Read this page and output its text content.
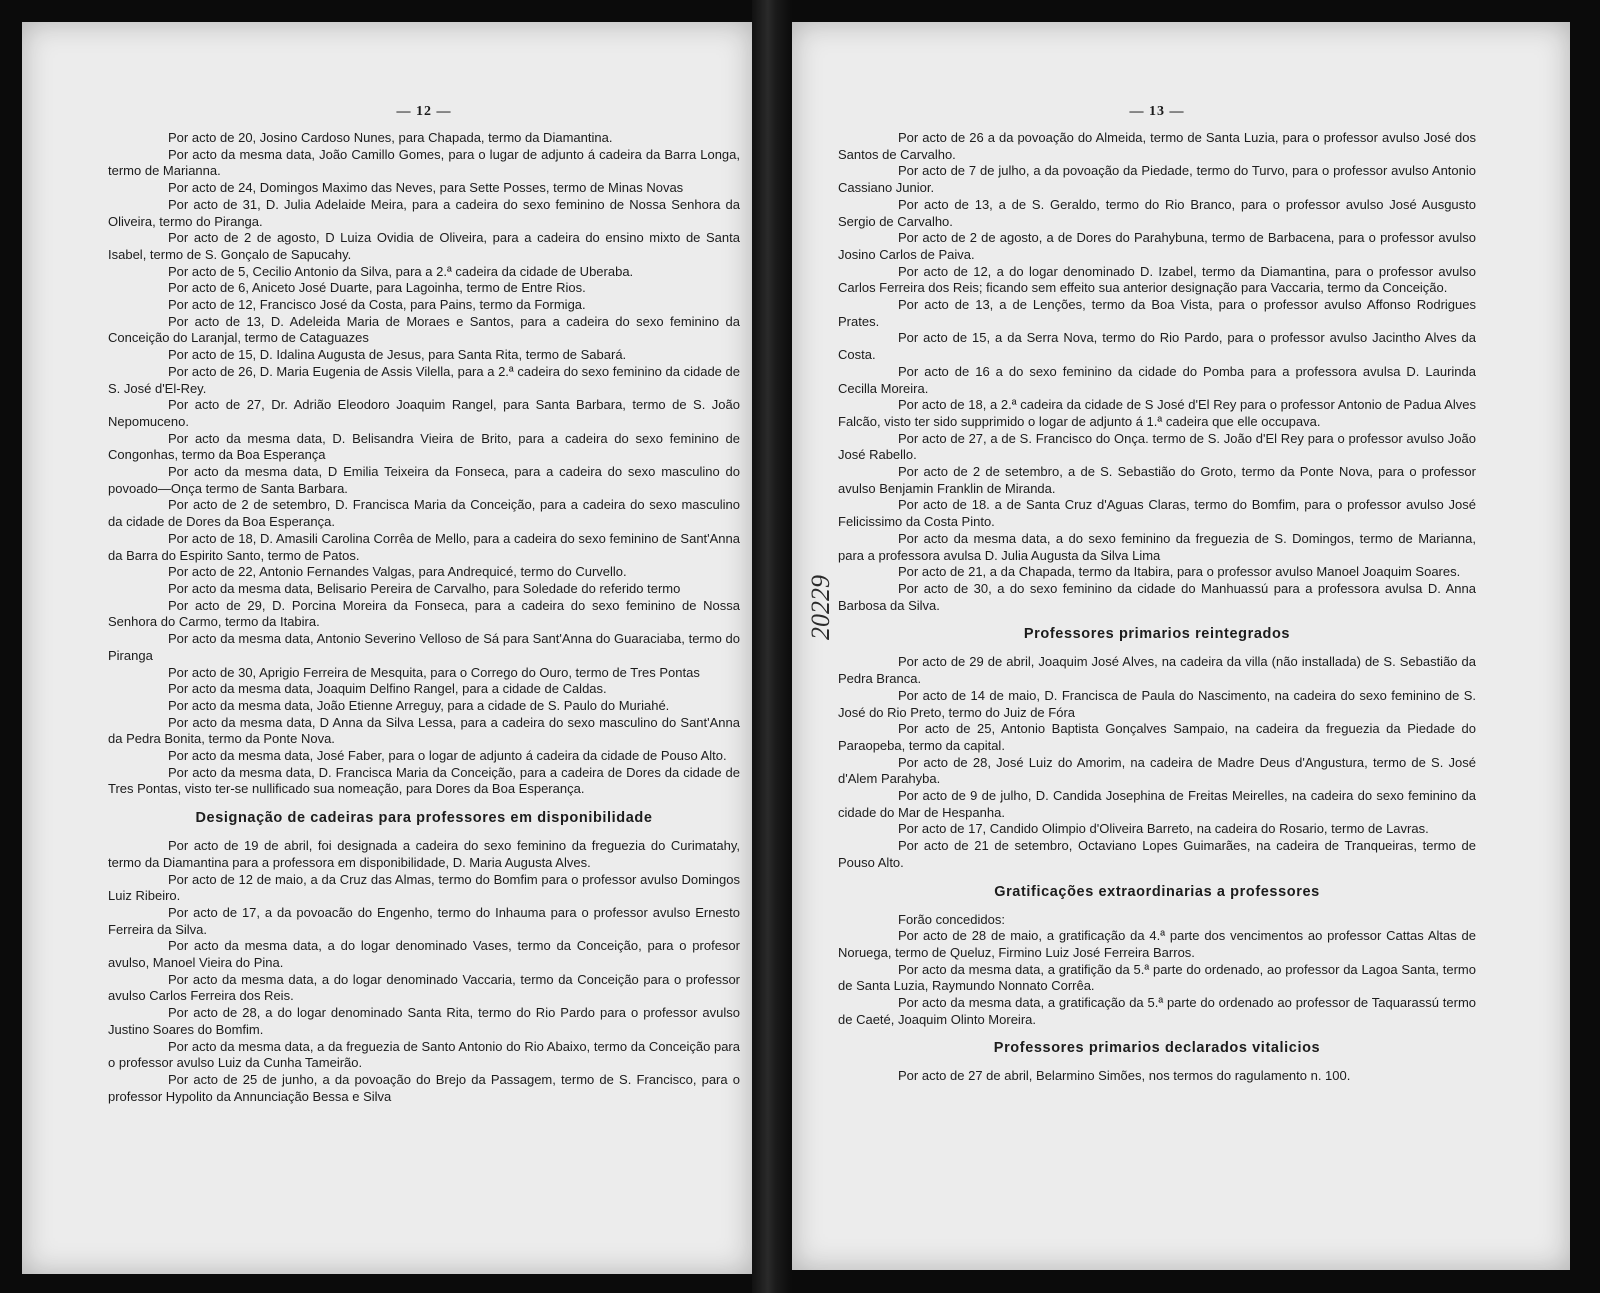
— 12 —
Por acto de 20, Josino Cardoso Nunes, para Chapada, termo da Diamantina.
Por acto da mesma data, João Camillo Gomes, para o lugar de adjunto á cadeira da Barra Longa, termo de Marianna.
Por acto de 24, Domingos Maximo das Neves, para Sette Posses, termo de Minas Novas
Por acto de 31, D. Julia Adelaide Meira, para a cadeira do sexo feminino de Nossa Senhora da Oliveira, termo do Piranga.
Por acto de 2 de agosto, D Luiza Ovidia de Oliveira, para a cadeira do ensino mixto de Santa Isabel, termo de S. Gonçalo de Sapucahy.
Por acto de 5, Cecilio Antonio da Silva, para a 2.ª cadeira da cidade de Uberaba.
Por acto de 6, Aniceto José Duarte, para Lagoinha, termo de Entre Rios.
Por acto de 12, Francisco José da Costa, para Pains, termo da Formiga.
Por acto de 13, D. Adeleida Maria de Moraes e Santos, para a cadeira do sexo feminino da Conceição do Laranjal, termo de Cataguazes
Por acto de 15, D. Idalina Augusta de Jesus, para Santa Rita, termo de Sabará.
Por acto de 26, D. Maria Eugenia de Assis Vilella, para a 2.ª cadeira do sexo feminino da cidade de S. José d'El-Rey.
Por acto de 27, Dr. Adrião Eleodoro Joaquim Rangel, para Santa Barbara, termo de S. João Nepomuceno.
Por acto da mesma data, D. Belisandra Vieira de Brito, para a cadeira do sexo feminino de Congonhas, termo da Boa Esperança
Por acto da mesma data, D Emilia Teixeira da Fonseca, para a cadeira do sexo masculino do povoado—Onça termo de Santa Barbara.
Por acto de 2 de setembro, D. Francisca Maria da Conceição, para a cadeira do sexo masculino da cidade de Dores da Boa Esperança.
Por acto de 18, D. Amasili Carolina Corrêa de Mello, para a cadeira do sexo feminino de Sant'Anna da Barra do Espirito Santo, termo de Patos.
Por acto de 22, Antonio Fernandes Valgas, para Andrequicé, termo do Curvello.
Por acto da mesma data, Belisario Pereira de Carvalho, para Soledade do referido termo
Por acto de 29, D. Porcina Moreira da Fonseca, para a cadeira do sexo feminino de Nossa Senhora do Carmo, termo da Itabira.
Por acto da mesma data, Antonio Severino Velloso de Sá para Sant'Anna do Guaraciaba, termo do Piranga
Por acto de 30, Aprigio Ferreira de Mesquita, para o Corrego do Ouro, termo de Tres Pontas
Por acto da mesma data, Joaquim Delfino Rangel, para a cidade de Caldas.
Por acto da mesma data, João Etienne Arreguy, para a cidade de S. Paulo do Muriahé.
Por acto da mesma data, D Anna da Silva Lessa, para a cadeira do sexo masculino do Sant'Anna da Pedra Bonita, termo da Ponte Nova.
Por acto da mesma data, José Faber, para o logar de adjunto á cadeira da cidade de Pouso Alto.
Por acto da mesma data, D. Francisca Maria da Conceição, para a cadeira de Dores da cidade de Tres Pontas, visto ter-se nullificado sua nomeação, para Dores da Boa Esperança.
Designação de cadeiras para professores em disponibilidade
Por acto de 19 de abril, foi designada a cadeira do sexo feminino da freguezia do Curimatahy, termo da Diamantina para a professora em disponibilidade, D. Maria Augusta Alves.
Por acto de 12 de maio, a da Cruz das Almas, termo do Bomfim para o professor avulso Domingos Luiz Ribeiro.
Por acto de 17, a da povoacão do Engenho, termo do Inhauma para o professor avulso Ernesto Ferreira da Silva.
Por acto da mesma data, a do logar denominado Vases, termo da Conceição, para o profesor avulso, Manoel Vieira do Pina.
Por acto da mesma data, a do logar denominado Vaccaria, termo da Conceição para o professor avulso Carlos Ferreira dos Reis.
Por acto de 28, a do logar denominado Santa Rita, termo do Rio Pardo para o professor avulso Justino Soares do Bomfim.
Por acto da mesma data, a da freguezia de Santo Antonio do Rio Abaixo, termo da Conceição para o professor avulso Luiz da Cunha Tameirão.
Por acto de 25 de junho, a da povoação do Brejo da Passagem, termo de S. Francisco, para o professor Hypolito da Annunciação Bessa e Silva
— 13 —
Por acto de 26 a da povoação do Almeida, termo de Santa Luzia, para o professor avulso José dos Santos de Carvalho.
Por acto de 7 de julho, a da povoação da Piedade, termo do Turvo, para o professor avulso Antonio Cassiano Junior.
Por acto de 13, a de S. Geraldo, termo do Rio Branco, para o professor avulso José Ausgusto Sergio de Carvalho.
Por acto de 2 de agosto, a de Dores do Parahybuna, termo de Barbacena, para o professor avulso Josino Carlos de Paiva.
Por acto de 12, a do logar denominado D. Izabel, termo da Diamantina, para o professor avulso Carlos Ferreira dos Reis; ficando sem effeito sua anterior designação para Vaccaria, termo da Conceição.
Por acto de 13, a de Lenções, termo da Boa Vista, para o professor avulso Affonso Rodrigues Prates.
Por acto de 15, a da Serra Nova, termo do Rio Pardo, para o professor avulso Jacintho Alves da Costa.
Por acto de 16 a do sexo feminino da cidade do Pomba para a professora avulsa D. Laurinda Cecilla Moreira.
Por acto de 18, a 2.ª cadeira da cidade de S José d'El Rey para o professor Antonio de Padua Alves Falcão, visto ter sido supprimido o logar de adjunto á 1.ª cadeira que elle occupava.
Por acto de 27, a de S. Francisco do Onça. termo de S. João d'El Rey para o professor avulso João José Rabello.
Por acto de 2 de setembro, a de S. Sebastião do Groto, termo da Ponte Nova, para o professor avulso Benjamin Franklin de Miranda.
Por acto de 18. a de Santa Cruz d'Aguas Claras, termo do Bomfim, para o professor avulso José Felicissimo da Costa Pinto.
Por acto da mesma data, a do sexo feminino da freguezia de S. Domingos, termo de Marianna, para a professora avulsa D. Julia Augusta da Silva Lima
Por acto de 21, a da Chapada, termo da Itabira, para o professor avulso Manoel Joaquim Soares.
Por acto de 30, a do sexo feminino da cidade do Manhuassú para a professora avulsa D. Anna Barbosa da Silva.
Professores primarios reintegrados
Por acto de 29 de abril, Joaquim José Alves, na cadeira da villa (não installada) de S. Sebastião da Pedra Branca.
Por acto de 14 de maio, D. Francisca de Paula do Nascimento, na cadeira do sexo feminino de S. José do Rio Preto, termo do Juiz de Fóra
Por acto de 25, Antonio Baptista Gonçalves Sampaio, na cadeira da freguezia da Piedade do Paraopeba, termo da capital.
Por acto de 28, José Luiz do Amorim, na cadeira de Madre Deus d'Angustura, termo de S. José d'Alem Parahyba.
Por acto de 9 de julho, D. Candida Josephina de Freitas Meirelles, na cadeira do sexo feminino da cidade do Mar de Hespanha.
Por acto de 17, Candido Olimpio d'Oliveira Barreto, na cadeira do Rosario, termo de Lavras.
Por acto de 21 de setembro, Octaviano Lopes Guimarães, na cadeira de Tranqueiras, termo de Pouso Alto.
Gratificações extraordinarias a professores
Forão concedidos:
Por acto de 28 de maio, a gratificação da 4.ª parte dos vencimentos ao professor Cattas Altas de Noruega, termo de Queluz, Firmino Luiz José Ferreira Barros.
Por acto da mesma data, a gratifição da 5.ª parte do ordenado, ao professor da Lagoa Santa, termo de Santa Luzia, Raymundo Nonnato Corrêa.
Por acto da mesma data, a gratificação da 5.ª parte do ordenado ao professor de Taquarassú termo de Caeté, Joaquim Olinto Moreira.
Professores primarios declarados vitalicios
Por acto de 27 de abril, Belarmino Simões, nos termos do ragulamento n. 100.
20229
